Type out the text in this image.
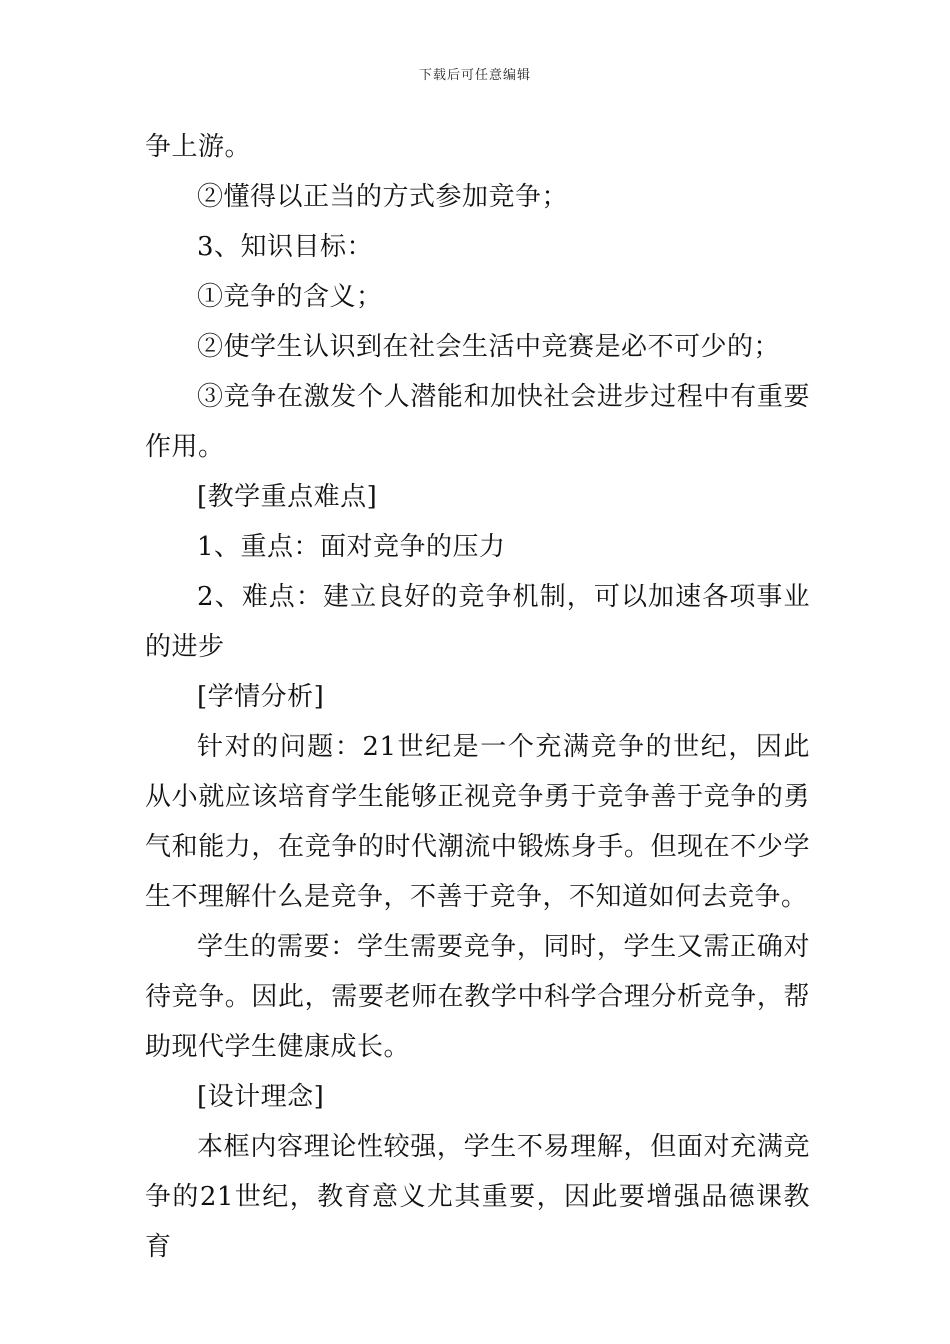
下载后可任意编辑

争上游。

②懂得以正当的方式参加竞争；

3、知识目标：

①竞争的含义；

②使学生认识到在社会生活中竞赛是必不可少的；

③竞争在激发个人潜能和加快社会进步过程中有重要作用。

[教学重点难点]

1、重点：面对竞争的压力

2、难点：建立良好的竞争机制，可以加速各项事业的进步

[学情分析]

针对的问题：21世纪是一个充满竞争的世纪，因此从小就应该培育学生能够正视竞争勇于竞争善于竞争的勇气和能力，在竞争的时代潮流中锻炼身手。但现在不少学生不理解什么是竞争，不善于竞争，不知道如何去竞争。

学生的需要：学生需要竞争，同时，学生又需正确对待竞争。因此，需要老师在教学中科学合理分析竞争，帮助现代学生健康成长。

[设计理念]

本框内容理论性较强，学生不易理解，但面对充满竞争的21世纪，教育意义尤其重要，因此要增强品德课教育
